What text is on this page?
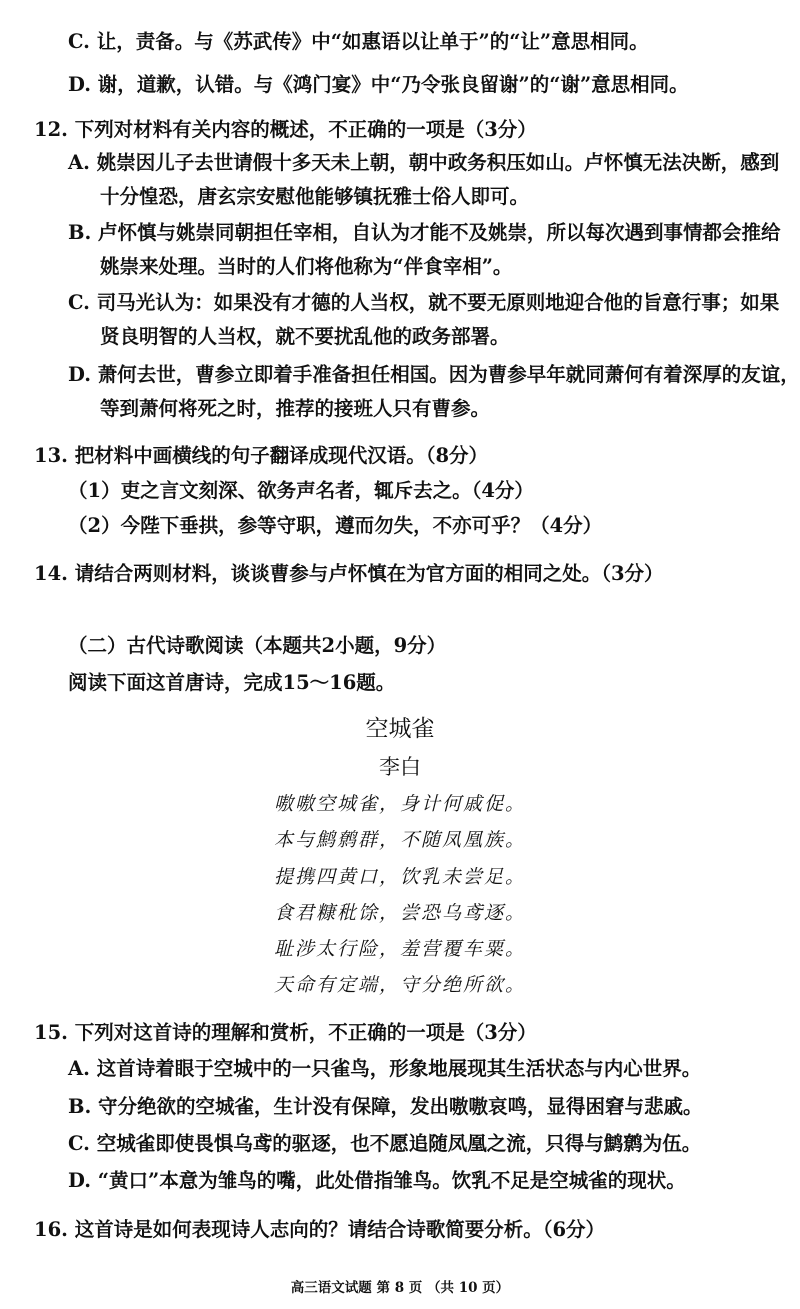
C. 让，责备。与《苏武传》中“如惠语以让单于”的“让”意思相同。
D. 谢，道歉，认错。与《鸿门宴》中“乃令张良留谢”的“谢”意思相同。
12. 下列对材料有关内容的概述，不正确的一项是（3分）
A. 姚崇因儿子去世请假十多天未上朝，朝中政务积压如山。卢怀慎无法决断，感到
十分惶恐，唐玄宗安慰他能够镇抚雅士俗人即可。
B. 卢怀慎与姚崇同朝担任宰相，自认为才能不及姚崇，所以每次遇到事情都会推给
姚崇来处理。当时的人们将他称为“伴食宰相”。
C. 司马光认为：如果没有才德的人当权，就不要无原则地迎合他的旨意行事；如果
贤良明智的人当权，就不要扰乱他的政务部署。
D. 萧何去世，曹参立即着手准备担任相国。因为曹参早年就同萧何有着深厚的友谊，
等到萧何将死之时，推荐的接班人只有曹参。
13. 把材料中画横线的句子翻译成现代汉语。（8分）
（1）吏之言文刻深、欲务声名者，辄斥去之。（4分）
（2）今陛下垂拱，参等守职，遵而勿失，不亦可乎？（4分）
14. 请结合两则材料，谈谈曹参与卢怀慎在为官方面的相同之处。（3分）
（二）古代诗歌阅读（本题共2小题，9分）
阅读下面这首唐诗，完成15～16题。
空城雀
李白
嗷嗷空城雀，身计何戚促。
本与鹪鹩群，不随凤凰族。
提携四黄口，饮乳未尝足。
食君糠秕馀，尝恐乌鸢逐。
耻涉太行险，羞营覆车粟。
天命有定端，守分绝所欲。
15. 下列对这首诗的理解和赏析，不正确的一项是（3分）
A. 这首诗着眼于空城中的一只雀鸟，形象地展现其生活状态与内心世界。
B. 守分绝欲的空城雀，生计没有保障，发出嗷嗷哀鸣，显得困窘与悲戚。
C. 空城雀即使畏惧乌鸢的驱逐，也不愿追随凤凰之流，只得与鹪鹩为伍。
D. “黄口”本意为雏鸟的嘴，此处借指雏鸟。饮乳不足是空城雀的现状。
16. 这首诗是如何表现诗人志向的？请结合诗歌简要分析。（6分）
高三语文试题 第 8 页 （共 10 页）
